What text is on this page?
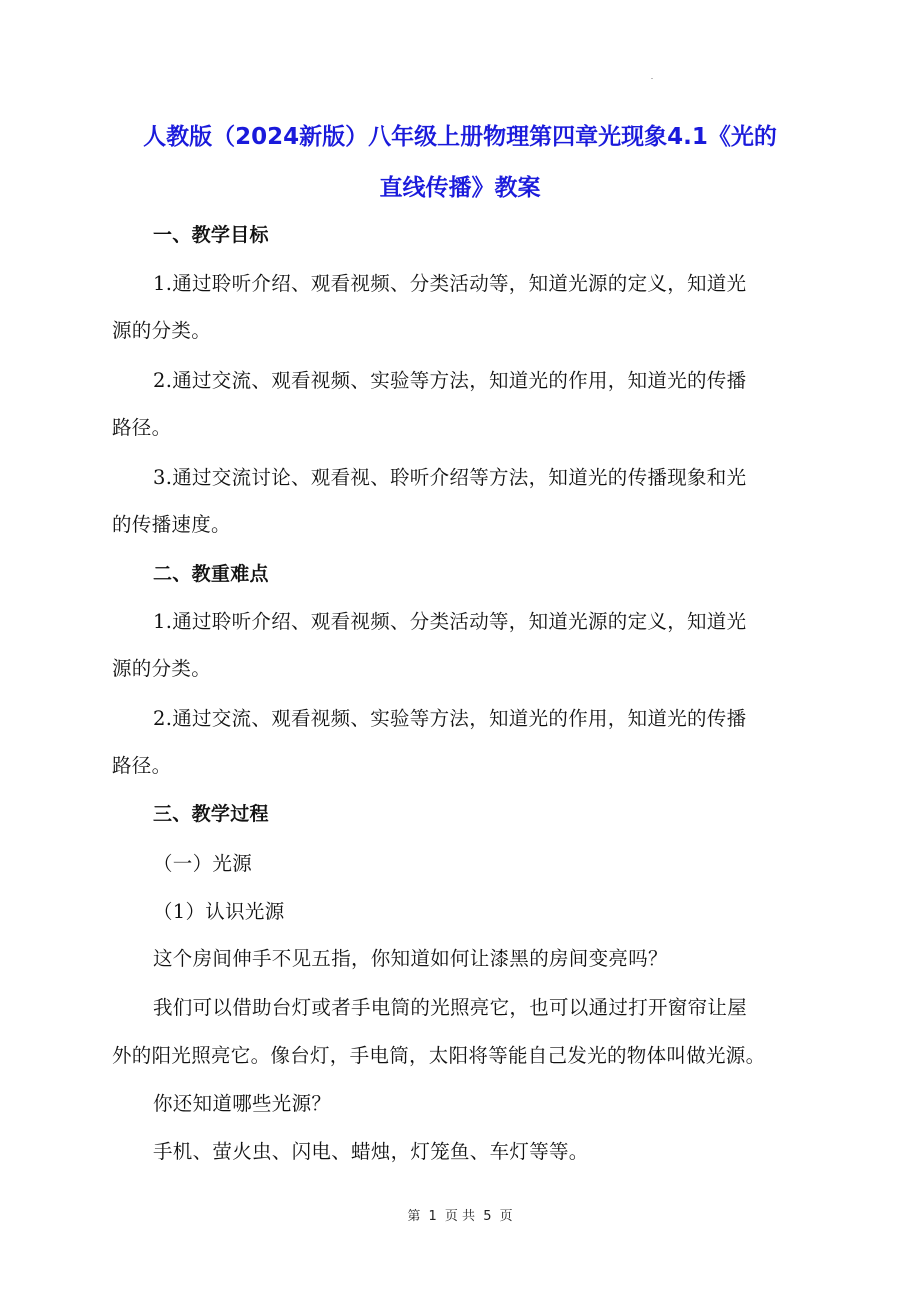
人教版（2024新版）八年级上册物理第四章光现象4.1《光的
直线传播》教案
一、教学目标
1.通过聆听介绍、观看视频、分类活动等，知道光源的定义，知道光
源的分类。
2.通过交流、观看视频、实验等方法，知道光的作用，知道光的传播
路径。
3.通过交流讨论、观看视、聆听介绍等方法，知道光的传播现象和光
的传播速度。
二、教重难点
1.通过聆听介绍、观看视频、分类活动等，知道光源的定义，知道光
源的分类。
2.通过交流、观看视频、实验等方法，知道光的作用，知道光的传播
路径。
三、教学过程
（一）光源
（1）认识光源
这个房间伸手不见五指，你知道如何让漆黑的房间变亮吗？
我们可以借助台灯或者手电筒的光照亮它，也可以通过打开窗帘让屋
外的阳光照亮它。像台灯，手电筒，太阳将等能自己发光的物体叫做光源。
你还知道哪些光源？
手机、萤火虫、闪电、蜡烛，灯笼鱼、车灯等等。
第 1 页 共 5 页
